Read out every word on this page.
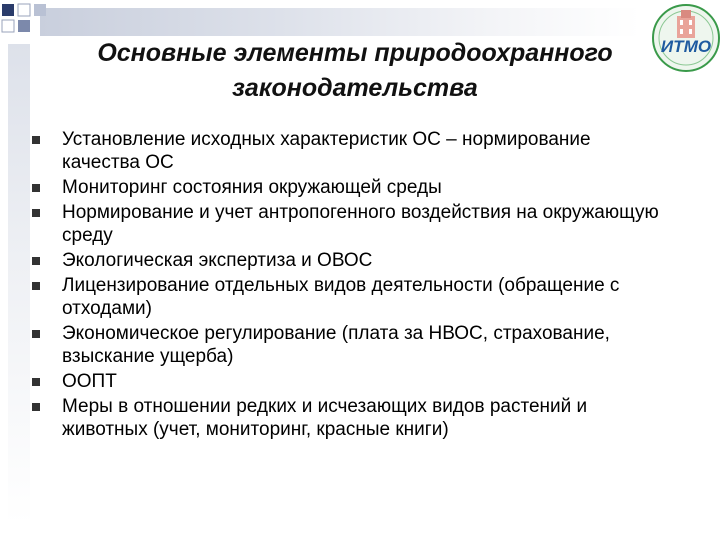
Основные элементы природоохранного
законодательства
ИТМО
Установление исходных характеристик ОС – нормирование качества ОС
Мониторинг состояния окружающей среды
Нормирование и учет антропогенного воздействия на окружающую среду
Экологическая экспертиза и ОВОС
Лицензирование отдельных видов деятельности (обращение с отходами)
Экономическое регулирование (плата за НВОС, страхование, взыскание ущерба)
ООПТ
Меры в отношении редких и исчезающих видов растений и животных (учет, мониторинг, красные книги)
